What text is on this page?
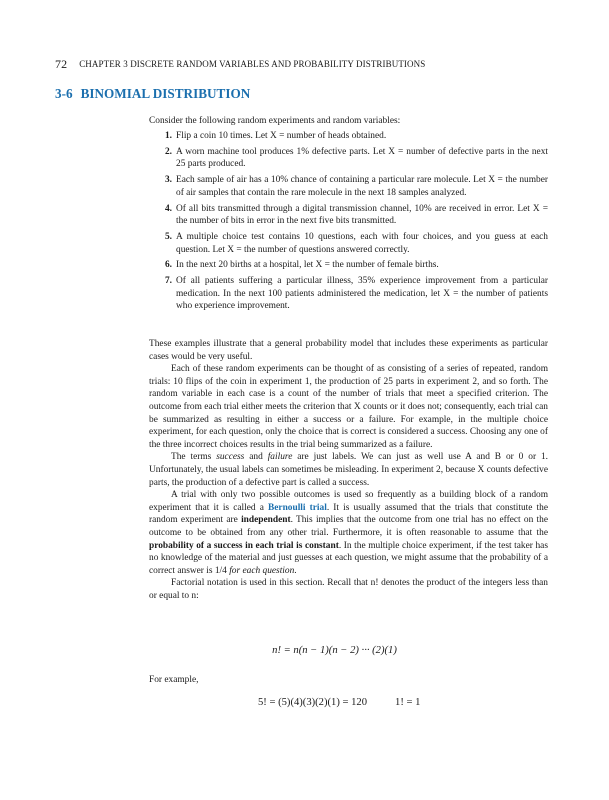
72 CHAPTER 3 DISCRETE RANDOM VARIABLES AND PROBABILITY DISTRIBUTIONS
3-6 BINOMIAL DISTRIBUTION

Consider the following random experiments and random variables:

1. Flip a coin 10 times. Let X = number of heads obtained.
2. A worn machine tool produces 1% defective parts. Let X = number of defective parts in the next 25 parts produced.
3. Each sample of air has a 10% chance of containing a particular rare molecule. Let X = the number of air samples that contain the rare molecule in the next 18 samples analyzed.
4. Of all bits transmitted through a digital transmission channel, 10% are received in error. Let X = the number of bits in error in the next five bits transmitted.
5. A multiple choice test contains 10 questions, each with four choices, and you guess at each question. Let X = the number of questions answered correctly.
6. In the next 20 births at a hospital, let X = the number of female births.
7. Of all patients suffering a particular illness, 35% experience improvement from a particular medication. In the next 100 patients administered the medication, let X = the number of patients who experience improvement.

These examples illustrate that a general probability model that includes these experiments as particular cases would be very useful.

Each of these random experiments can be thought of as consisting of a series of repeated, random trials: 10 flips of the coin in experiment 1, the production of 25 parts in experiment 2, and so forth. The random variable in each case is a count of the number of trials that meet a specified criterion. The outcome from each trial either meets the criterion that X counts or it does not; consequently, each trial can be summarized as resulting in either a success or a failure. For example, in the multiple choice experiment, for each question, only the choice that is correct is considered a success. Choosing any one of the three incorrect choices results in the trial being summarized as a failure.

The terms success and failure are just labels. We can just as well use A and B or 0 or 1. Unfortunately, the usual labels can sometimes be misleading. In experiment 2, because X counts defective parts, the production of a defective part is called a success.

A trial with only two possible outcomes is used so frequently as a building block of a random experiment that it is called a Bernoulli trial. It is usually assumed that the trials that constitute the random experiment are independent. This implies that the outcome from one trial has no effect on the outcome to be obtained from any other trial. Furthermore, it is often reasonable to assume that the probability of a success in each trial is constant. In the multiple choice experiment, if the test taker has no knowledge of the material and just guesses at each question, we might assume that the probability of a correct answer is 1/4 for each question.

Factorial notation is used in this section. Recall that n! denotes the product of the integers less than or equal to n:

n! = n(n − 1)(n − 2) ··· (2)(1)
For example,
5! = (5)(4)(3)(2)(1) = 120	1! = 1
